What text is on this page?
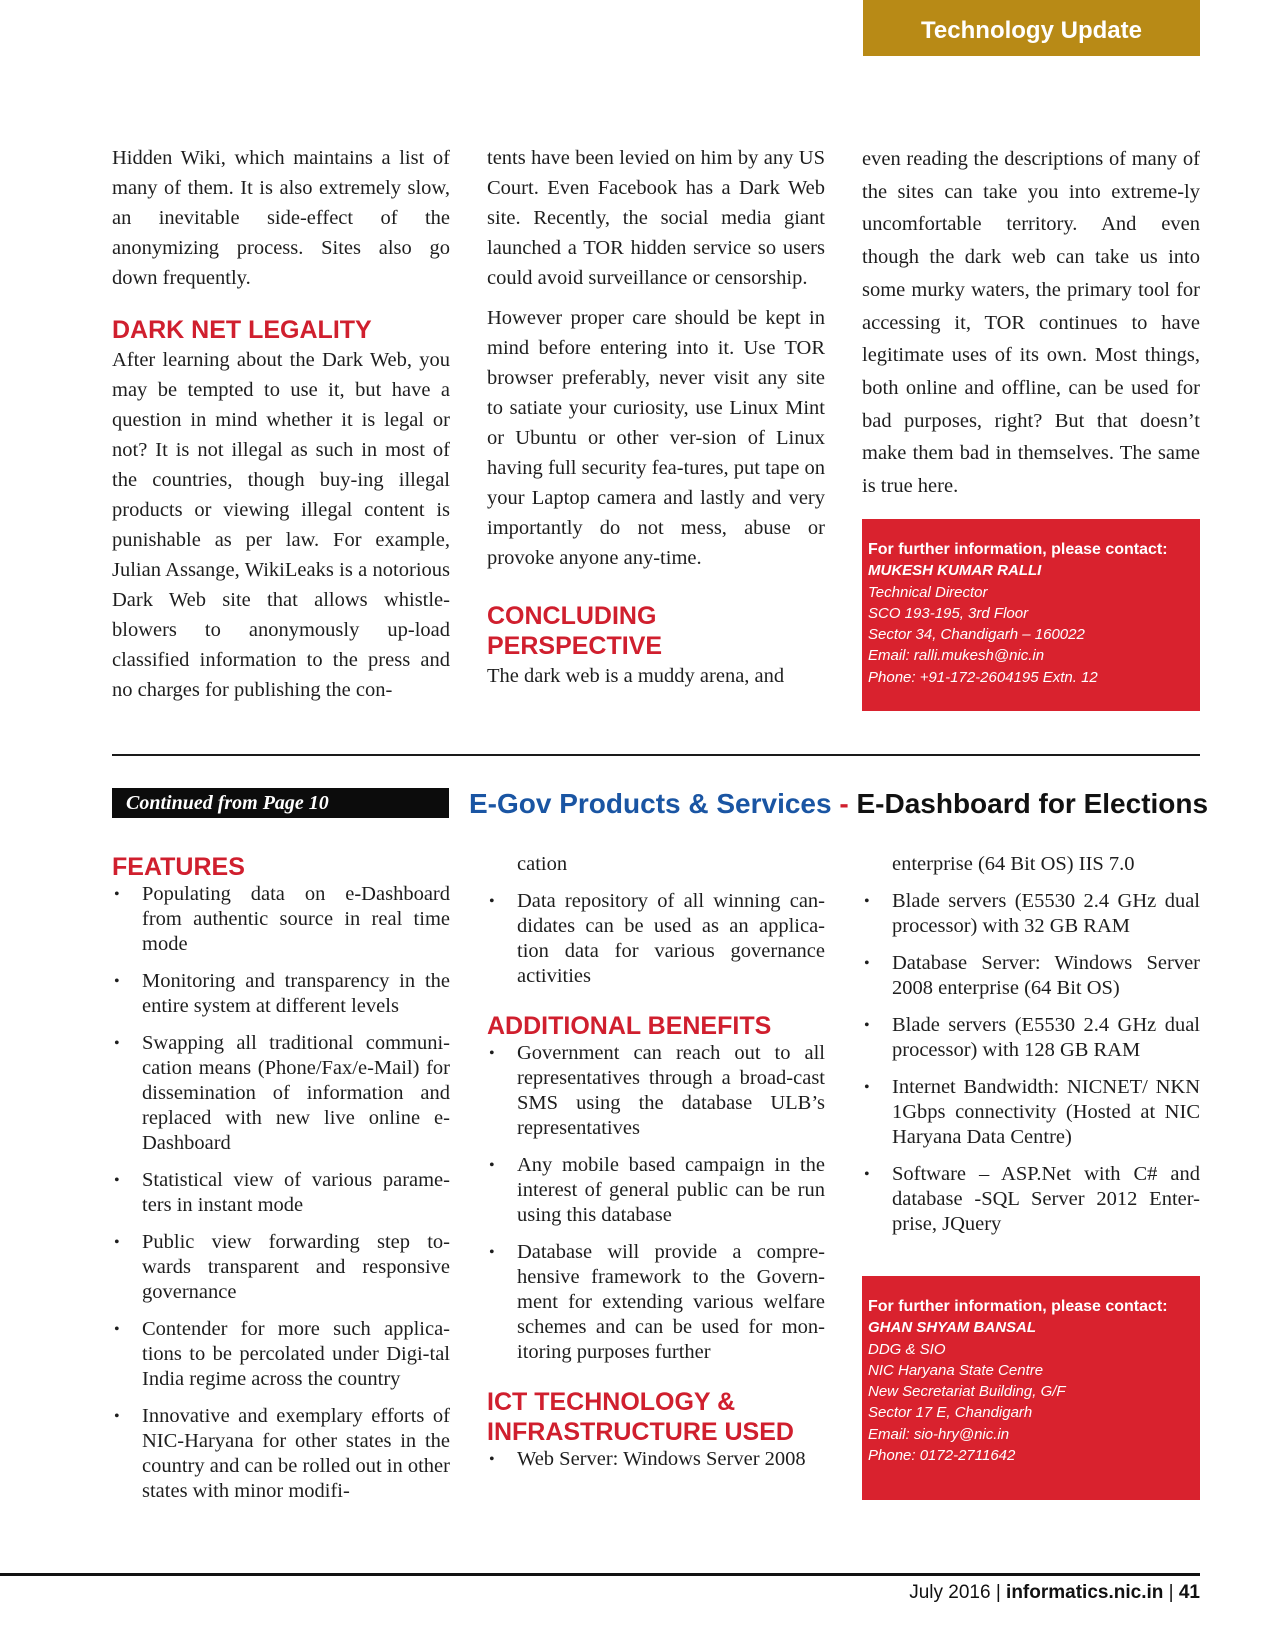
Technology Update

Hidden Wiki, which maintains a list of many of them. It is also extremely slow, an inevitable side-effect of the anonymizing process. Sites also go down frequently.

DARK NET LEGALITY

After learning about the Dark Web, you may be tempted to use it, but have a question in mind whether it is legal or not? It is not illegal as such in most of the countries, though buy-ing illegal products or viewing illegal content is punishable as per law. For example, Julian Assange, WikiLeaks is a notorious Dark Web site that allows whistle-blowers to anonymously up-load classified information to the press and no charges for publishing the con-

tents have been levied on him by any US Court. Even Facebook has a Dark Web site. Recently, the social media giant launched a TOR hidden service so users could avoid surveillance or censorship.

However proper care should be kept in mind before entering into it. Use TOR browser preferably, never visit any site to satiate your curiosity, use Linux Mint or Ubuntu or other ver-sion of Linux having full security fea-tures, put tape on your Laptop camera and lastly and very importantly do not mess, abuse or provoke anyone any-time.

CONCLUDING PERSPECTIVE

The dark web is a muddy arena, and

even reading the descriptions of many of the sites can take you into extreme-ly uncomfortable territory. And even though the dark web can take us into some murky waters, the primary tool for accessing it, TOR continues to have legitimate uses of its own. Most things, both online and offline, can be used for bad purposes, right? But that doesn’t make them bad in themselves. The same is true here.

For further information, please contact:
MUKESH KUMAR RALLI
Technical Director
SCO 193-195, 3rd Floor
Sector 34, Chandigarh – 160022
Email: ralli.mukesh@nic.in
Phone: +91-172-2604195 Extn. 12
Continued from Page 10	E-Gov Products & Services - E-Dashboard for Elections
FEATURES
• Populating data on e-Dashboard from authentic source in real time mode
• Monitoring and transparency in the entire system at different levels
• Swapping all traditional communi-cation means (Phone/Fax/e-Mail) for dissemination of information and replaced with new live online e-Dashboard
• Statistical view of various parame-ters in instant mode
• Public view forwarding step to-wards transparent and responsive governance
• Contender for more such applica-tions to be percolated under Digi-tal India regime across the country
• Innovative and exemplary efforts of NIC-Haryana for other states in the country and can be rolled out in other states with minor modifi-
cation
• Data repository of all winning can-didates can be used as an applica-tion data for various governance activities
ADDITIONAL BENEFITS
• Government can reach out to all representatives through a broad-cast SMS using the database ULB’s representatives
• Any mobile based campaign in the interest of general public can be run using this database
• Database will provide a compre-hensive framework to the Govern-ment for extending various welfare schemes and can be used for mon-itoring purposes further
ICT TECHNOLOGY &
INFRASTRUCTURE USED
• Web Server: Windows Server 2008
enterprise (64 Bit OS) IIS 7.0
• Blade servers (E5530 2.4 GHz dual processor) with 32 GB RAM
• Database Server: Windows Server 2008 enterprise (64 Bit OS)
• Blade servers (E5530 2.4 GHz dual processor) with 128 GB RAM
• Internet Bandwidth: NICNET/ NKN 1Gbps connectivity (Hosted at NIC Haryana Data Centre)
• Software – ASP.Net with C# and database -SQL Server 2012 Enter-prise, JQuery
For further information, please contact:
GHAN SHYAM BANSAL
DDG & SIO
NIC Haryana State Centre
New Secretariat Building, G/F
Sector 17 E, Chandigarh
Email: sio-hry@nic.in
Phone: 0172-2711642
July 2016 | informatics.nic.in | 41
